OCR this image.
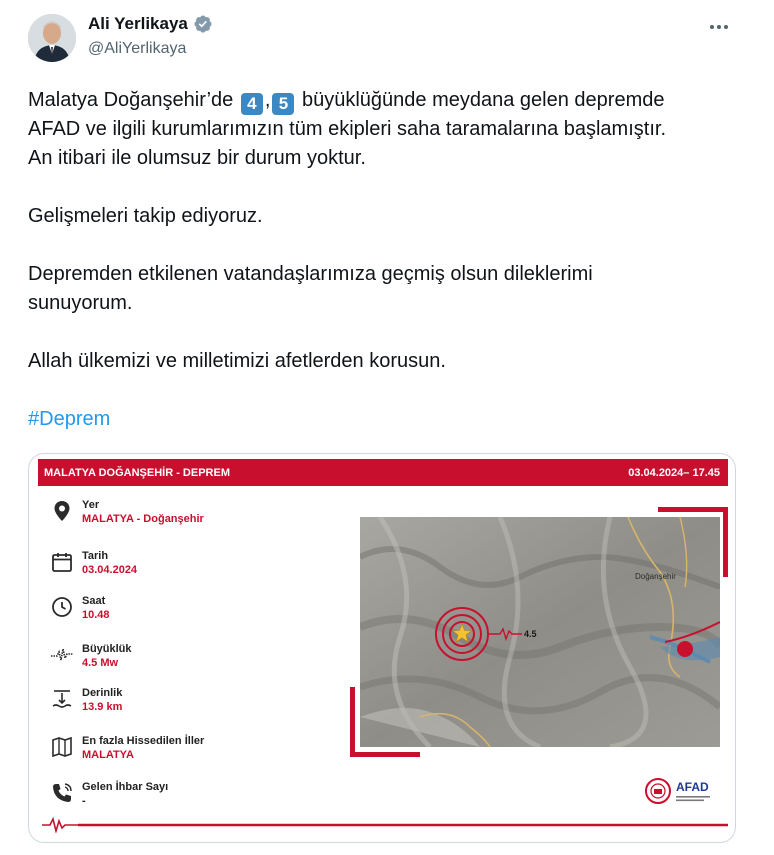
Ali Yerlikaya
@AliYerlikaya

Malatya Doğanşehir’de 4 , 5 büyüklüğünde meydana gelen depremde

AFAD ve ilgili kurumlarımızın tüm ekipleri saha taramalarına başlamıştır.

An itibari ile olumsuz bir durum yoktur.

Gelişmeleri takip ediyoruz.

Depremden etkilenen vatandaşlarımıza geçmiş olsun dileklerimi

sunuyorum.

Allah ülkemizi ve milletimizi afetlerden korusun.

#Deprem

MALATYA DOĞANŞEHİR - DEPREM	03.04.2024– 17.45
Yer
MALATYA - Doğanşehir
Tarih
03.04.2024
Saat
10.48
Büyüklük
4.5 Mw
Derinlik
13.9 km
En fazla Hissedilen İller
MALATYA
Gelen İhbar Sayı
-
Doğanşehir
4.5
AFAD
